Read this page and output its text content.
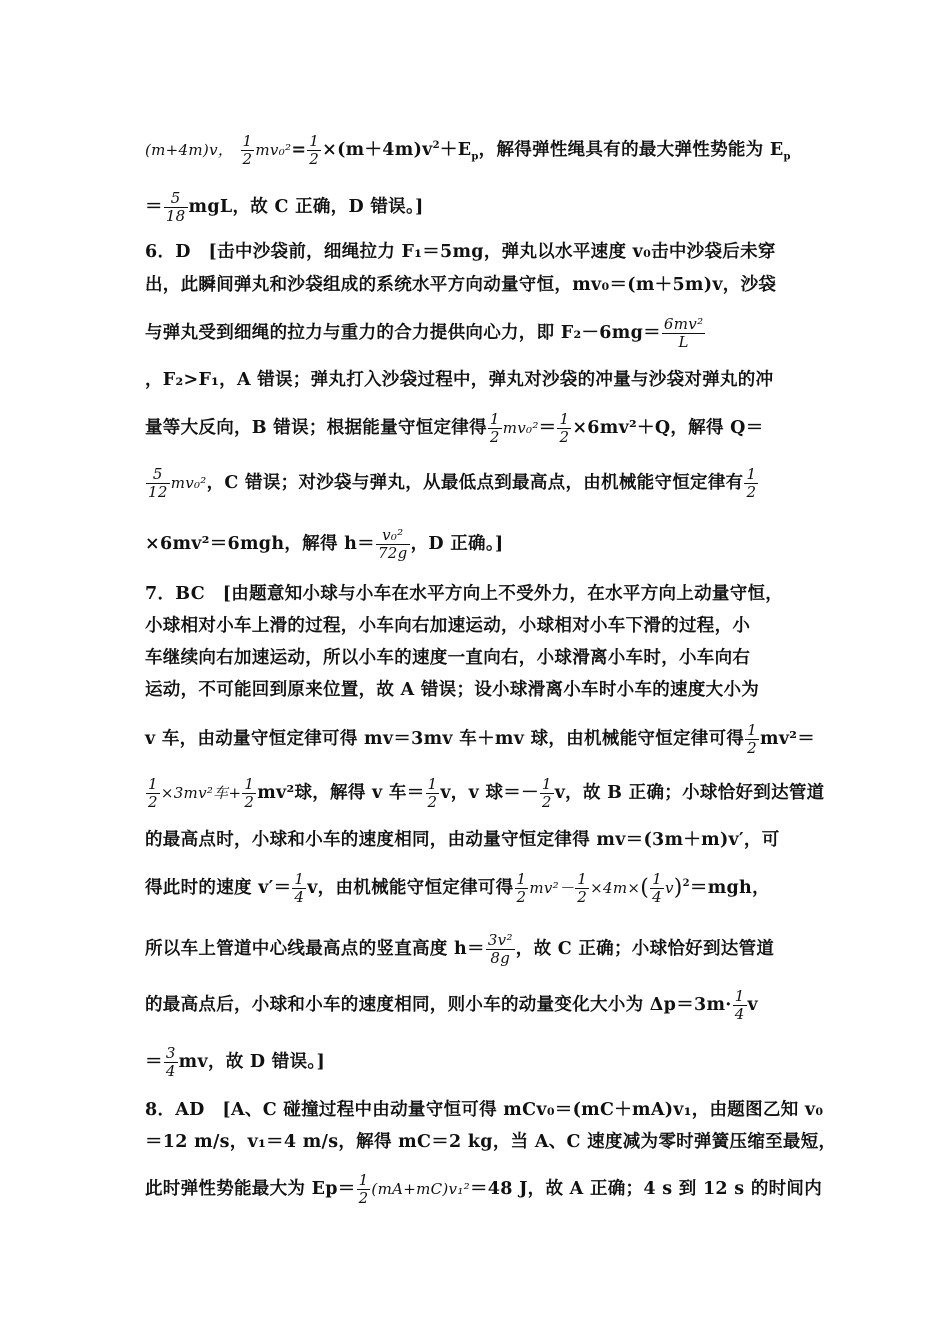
(m+4m)v， $\frac{1}{2} mv_0^2= \frac{1}{2} \times(m+4m)v^2+E_p$，解得弹性绳具有的最大弹性势能为 $E_p$
＝ $\frac{5}{18}$ mgL，故 C 正确，D 错误。]
6．D　[击中沙袋前，细绳拉力 F₁＝5mg，弹丸以水平速度 v₀击中沙袋后未穿
出，此瞬间弹丸和沙袋组成的系统水平方向动量守恒，mv₀＝(m＋5m)v，沙袋
与弹丸受到细绳的拉力与重力的合力提供向心力，即 $F_2-6mg= \frac{\text{6mv²}}{L}$
，F₂>F₁，A 错误；弹丸打入沙袋过程中，弹丸对沙袋的冲量与沙袋对弹丸的冲
量等大反向，B 错误；根据能量守恒定律得 $\frac{1}{2} mv_0^2= \frac{1}{2} \times 6mv^2+Q$，解得 Q＝
$\frac{5}{12} mv_0^2$，C 错误；对沙袋与弹丸，从最低点到最高点，由机械能守恒定律有 $\frac{1}{2}$
×6mv²＝6mgh，解得 $h= \frac{\text{v₀²}}{72g}$ ，D 正确。]
7．BC　[由题意知小球与小车在水平方向上不受外力，在水平方向上动量守恒，
小球相对小车上滑的过程，小车向右加速运动，小球相对小车下滑的过程，小
车继续向右加速运动，所以小车的速度一直向右，小球滑离小车时，小车向右
运动，不可能回到原来位置，故 A 错误；设小球滑离小车时小车的速度大小为
v 车，由动量守恒定律可得 mv＝3mv 车＋mv 球，由机械能守恒定律可得 $\frac{1}{2} mv^2=$
$\frac{1}{2} \times 3mv^2$车+ $\frac{1}{2} mv^2$球，解得 v 车＝ $\frac{1}{2}$ v，v 球＝－ $\frac{1}{2}$ v，故 B 正确；小球恰好到达管道
的最高点时，小球和小车的速度相同，由动量守恒定律得 mv＝(3m＋m)v′，可
得此时的速度 $v'= \frac{1}{4}$ v，由机械能守恒定律可得 $\frac{1}{2} mv^2- \frac{1}{2} \times 4m\times( \frac{1}{4} v)^2=mgh$，
所以车上管道中心线最高点的竖直高度 $h= \frac{\text{3v²}}{8g}$ ，故 C 正确；小球恰好到达管道
的最高点后，小球和小车的速度相同，则小车的动量变化大小为 $\Delta p=3m\cdot \frac{1}{4}$ v
＝ $\frac{3}{4}$ mv，故 D 错误。]
8．AD　[A、C 碰撞过程中由动量守恒可得 mCv₀＝(mC＋mA)v₁，由题图乙知 v₀
＝12 m/s，v₁＝4 m/s，解得 mC＝2 kg，当 A、C 速度减为零时弹簧压缩至最短，
此时弹性势能最大为 $Ep= \frac{1}{2} (mA+mC)v_1^2=48$ J，故 A 正确；4 s 到 12 s 的时间内
